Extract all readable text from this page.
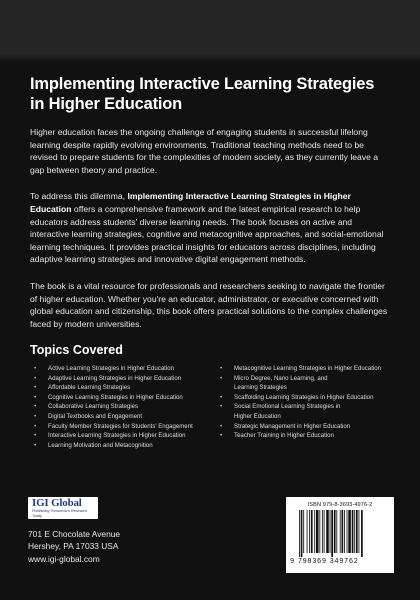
Implementing Interactive Learning Strategies in Higher Education

Higher education faces the ongoing challenge of engaging students in successful lifelong learning despite rapidly evolving environments. Traditional teaching methods need to be revised to prepare students for the complexities of modern society, as they currently leave a gap between theory and practice.

To address this dilemma, Implementing Interactive Learning Strategies in Higher Education offers a comprehensive framework and the latest empirical research to help educators address students' diverse learning needs. The book focuses on active and interactive learning strategies, cognitive and metacognitive approaches, and social-emotional learning techniques. It provides practical insights for educators across disciplines, including adaptive learning strategies and innovative digital engagement methods.

The book is a vital resource for professionals and researchers seeking to navigate the frontier of higher education. Whether you're an educator, administrator, or executive concerned with global education and citizenship, this book offers practical solutions to the complex challenges faced by modern universities.

Topics Covered
• Active Learning Strategies in Higher Education
• Adaptive Learning Strategies in Higher Education
• Affordable Learning Strategies
• Cognitive Learning Strategies in Higher Education
• Collaborative Learning Strategies
• Digital Textbooks and Engagement
• Faculty Member Strategies for Students' Engagement
• Interactive Learning Strategies in Higher Education
• Learning Motivation and Metacognition
• Metacognitive Learning Strategies in Higher Education
• Micro Degree, Nano Learning, and
Learning Strategies
• Scaffolding Learning Strategies in Higher Education
• Social Emotional Learning Strategies in
Higher Education
• Strategic Management in Higher Education
• Teacher Training in Higher Education
IGI Global
Publishing Tomorrow's Research Today
701 E Chocolate Avenue
Hershey, PA 17033 USA
www.igi-global.com
ISBN 979-8-3693-4976-2
9 798369 349762
